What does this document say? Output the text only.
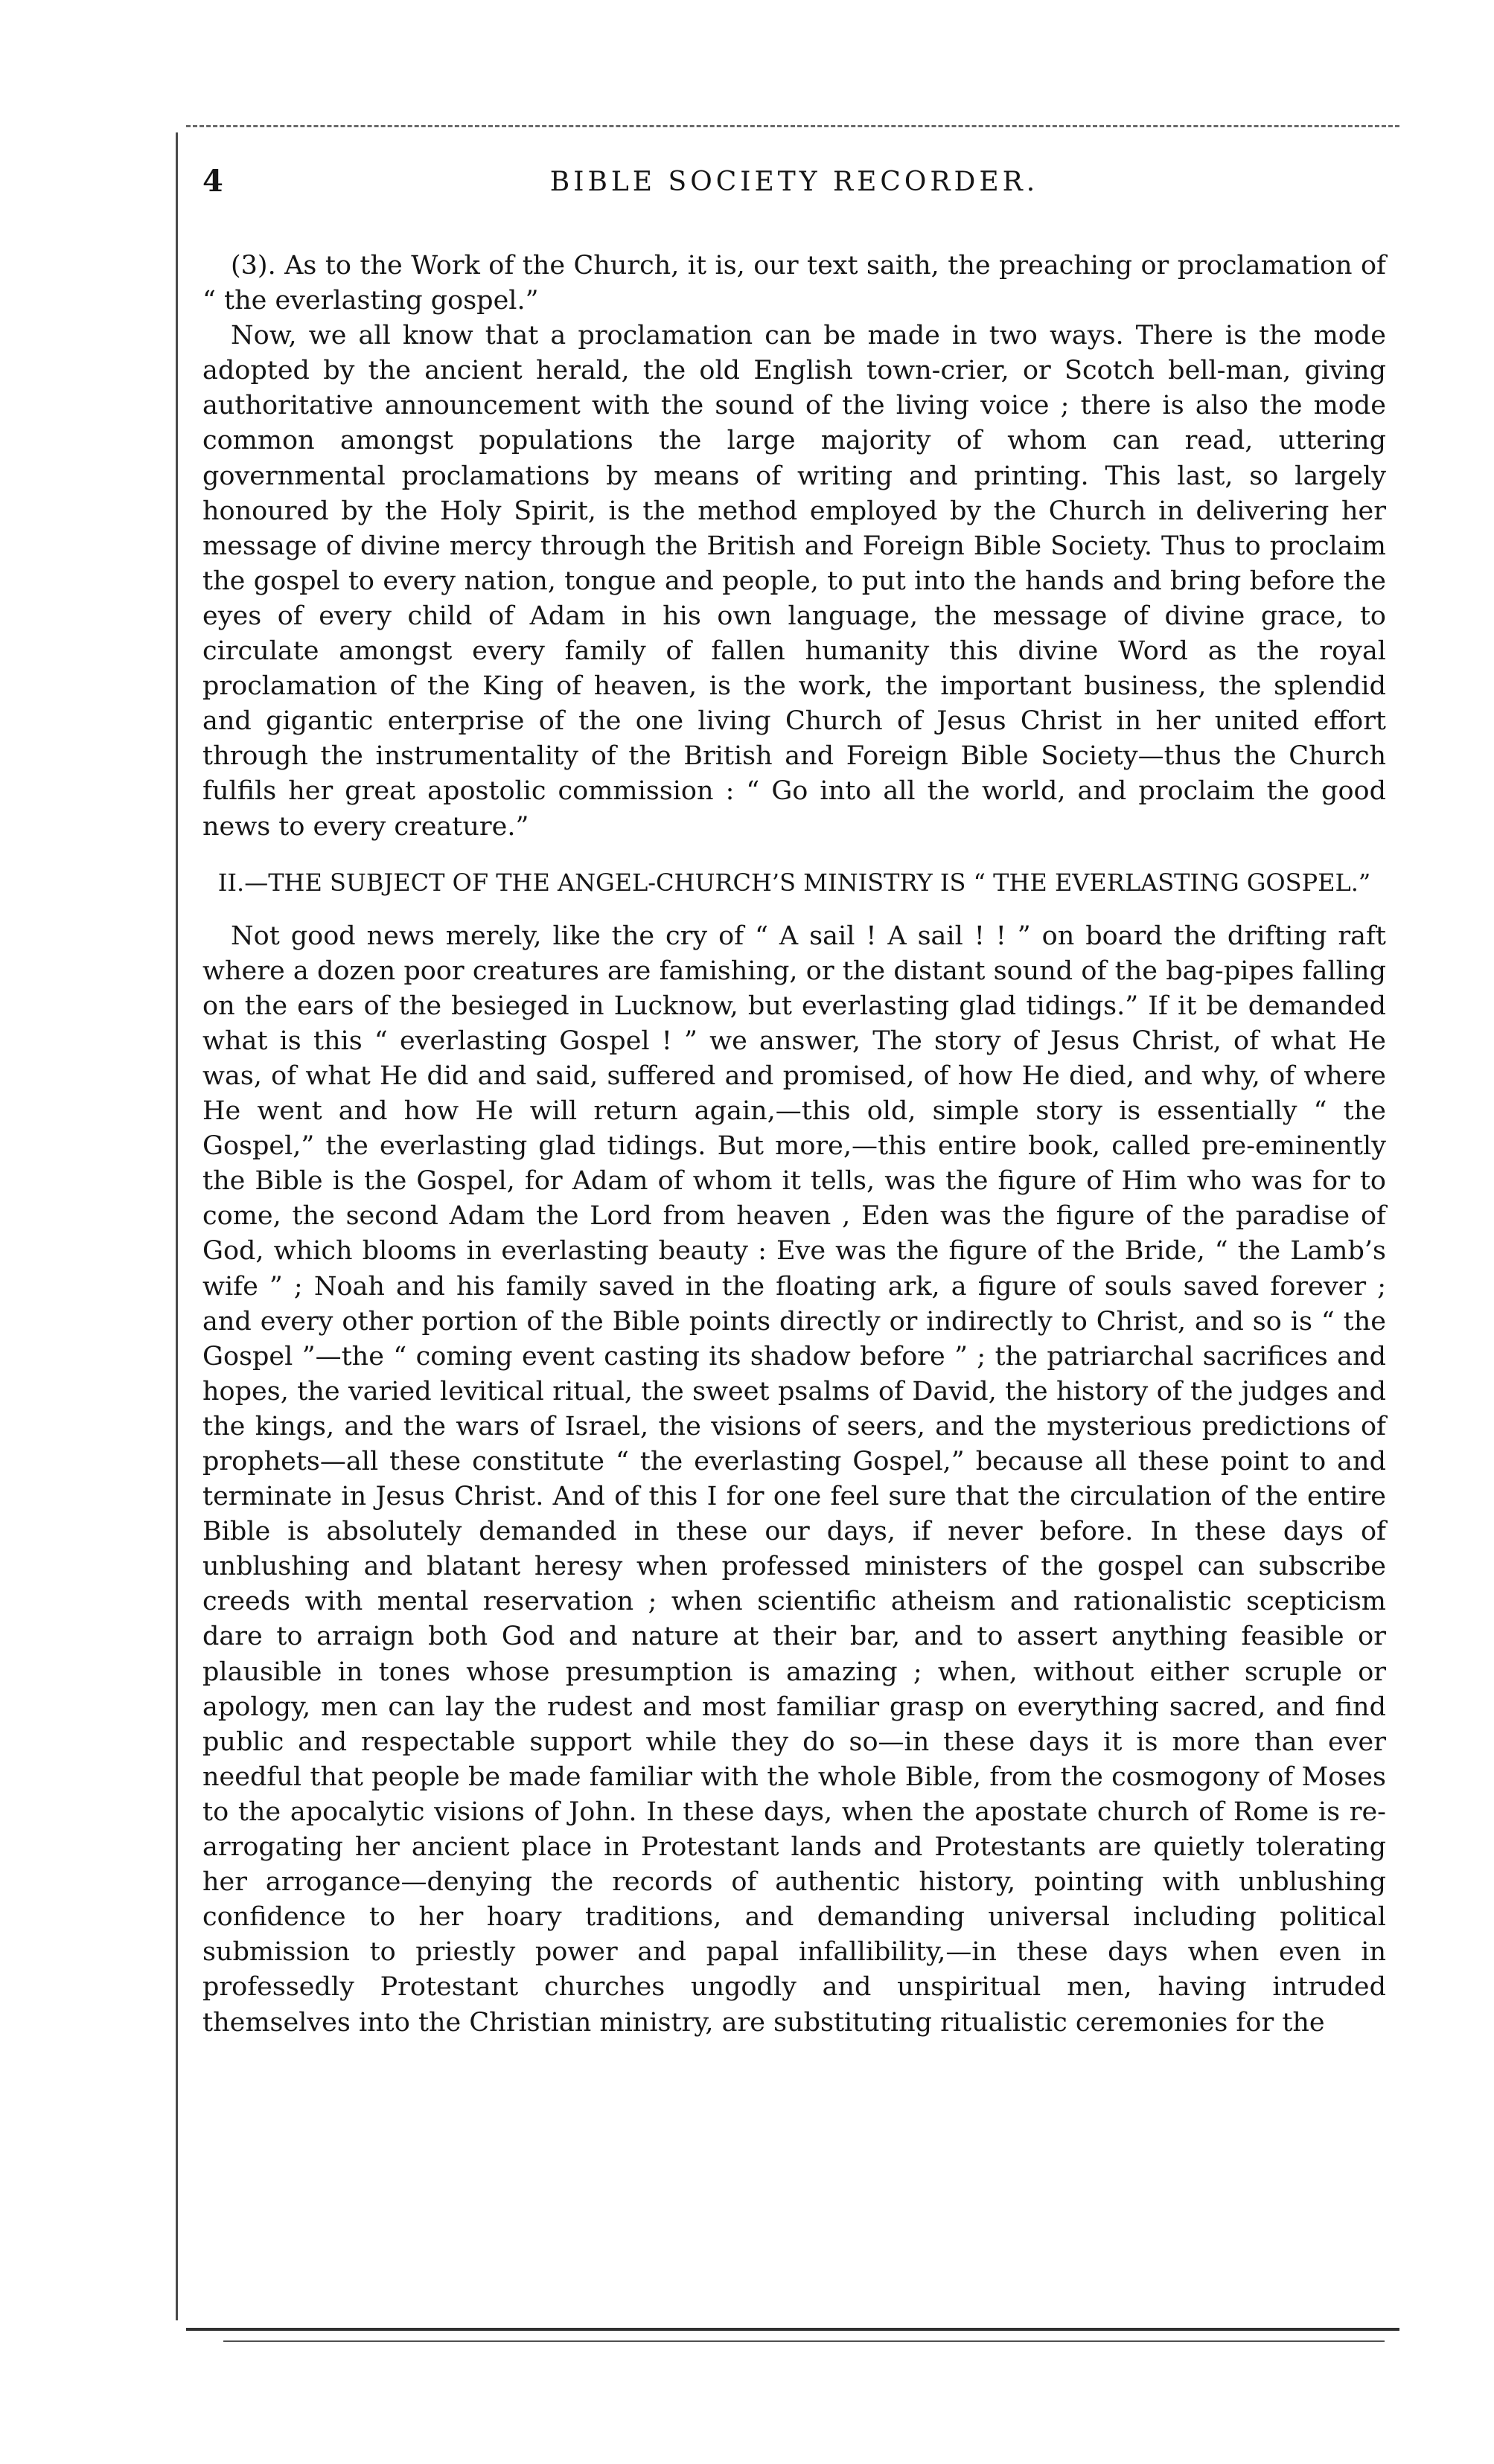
4	BIBLE SOCIETY RECORDER.

(3). As to the Work of the Church, it is, our text saith, the preaching or proclamation of “ the everlasting gospel.”

Now, we all know that a proclamation can be made in two ways. There is the mode adopted by the ancient herald, the old English town-crier, or Scotch bell-man, giving authoritative announcement with the sound of the living voice ; there is also the mode common amongst populations the large majority of whom can read, uttering governmental proclamations by means of writing and printing. This last, so largely honoured by the Holy Spirit, is the method employed by the Church in delivering her message of divine mercy through the British and Foreign Bible Society. Thus to proclaim the gospel to every nation, tongue and people, to put into the hands and bring before the eyes of every child of Adam in his own language, the message of divine grace, to circulate amongst every family of fallen humanity this divine Word as the royal proclamation of the King of heaven, is the work, the important business, the splendid and gigantic enterprise of the one living Church of Jesus Christ in her united effort through the instrumentality of the British and Foreign Bible Society—thus the Church fulfils her great apostolic commission : “ Go into all the world, and proclaim the good news to every creature.”

II.—THE SUBJECT OF THE ANGEL-CHURCH’S MINISTRY IS “ THE EVERLASTING GOSPEL.”

Not good news merely, like the cry of “ A sail ! A sail ! ! ” on board the drifting raft where a dozen poor creatures are famishing, or the distant sound of the bag-pipes falling on the ears of the besieged in Lucknow, but everlasting glad tidings.” If it be demanded what is this “ everlasting Gospel ! ” we answer, The story of Jesus Christ, of what He was, of what He did and said, suffered and promised, of how He died, and why, of where He went and how He will return again,—this old, simple story is essentially “ the Gospel,” the everlasting glad tidings. But more,—this entire book, called pre-eminently the Bible is the Gospel, for Adam of whom it tells, was the figure of Him who was for to come, the second Adam the Lord from heaven , Eden was the figure of the paradise of God, which blooms in everlasting beauty : Eve was the figure of the Bride, “ the Lamb’s wife ” ; Noah and his family saved in the floating ark, a figure of souls saved forever ; and every other portion of the Bible points directly or indirectly to Christ, and so is “ the Gospel ”—the “ coming event casting its shadow before ” ; the patriarchal sacrifices and hopes, the varied levitical ritual, the sweet psalms of David, the history of the judges and the kings, and the wars of Israel, the visions of seers, and the mysterious predictions of prophets—all these constitute “ the everlasting Gospel,” because all these point to and terminate in Jesus Christ. And of this I for one feel sure that the circulation of the entire Bible is absolutely demanded in these our days, if never before. In these days of unblushing and blatant heresy when professed ministers of the gospel can subscribe creeds with mental reservation ; when scientific atheism and rationalistic scepticism dare to arraign both God and nature at their bar, and to assert anything feasible or plausible in tones whose presumption is amazing ; when, without either scruple or apology, men can lay the rudest and most familiar grasp on everything sacred, and find public and respectable support while they do so—in these days it is more than ever needful that people be made familiar with the whole Bible, from the cosmogony of Moses to the apocalytic visions of John. In these days, when the apostate church of Rome is re-arrogating her ancient place in Protestant lands and Protestants are quietly tolerating her arrogance—denying the records of authentic history, pointing with unblushing confidence to her hoary traditions, and demanding universal including political submission to priestly power and papal infallibility,—in these days when even in professedly Protestant churches ungodly and unspiritual men, having intruded themselves into the Christian ministry, are substituting ritualistic ceremonies for the
